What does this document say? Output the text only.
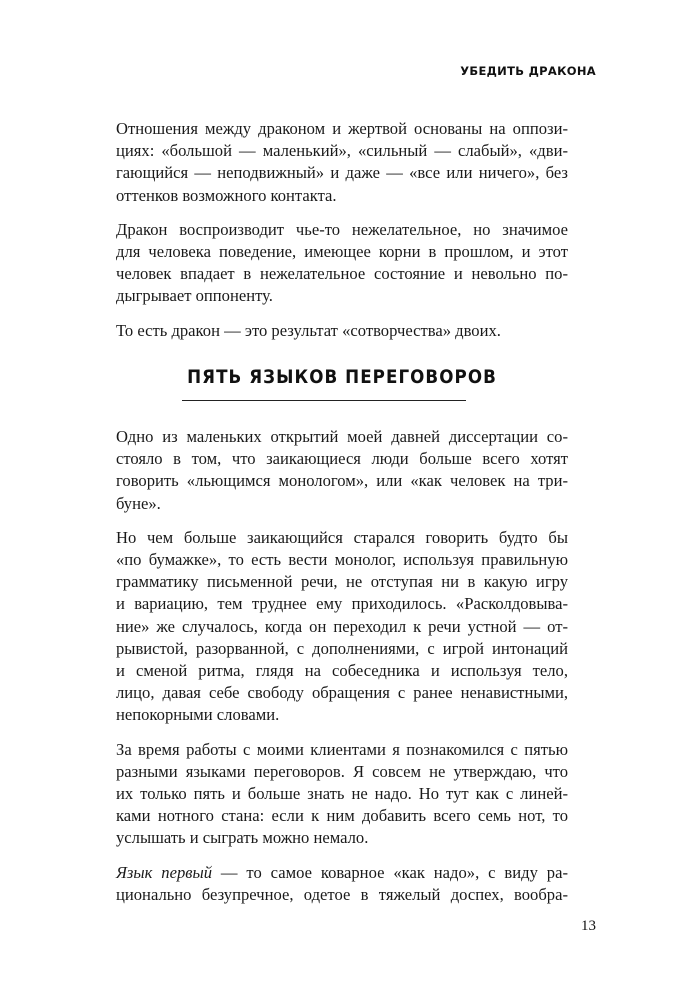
УБЕДИТЬ ДРАКОНА

Отношения между драконом и жертвой основаны на оппози-
циях: «большой — маленький», «сильный — слабый», «дви-
гающийся — неподвижный» и даже — «все или ничего», без
оттенков возможного контакта.

Дракон воспроизводит чье-то нежелательное, но значимое
для человека поведение, имеющее корни в прошлом, и этот
человек впадает в нежелательное состояние и невольно по-
дыгрывает оппоненту.

То есть дракон — это результат «сотворчества» двоих.

ПЯТЬ ЯЗЫКОВ ПЕРЕГОВОРОВ

Одно из маленьких открытий моей давней диссертации со-
стояло в том, что заикающиеся люди больше всего хотят
говорить «льющимся монологом», или «как человек на три-
буне».

Но чем больше заикающийся старался говорить будто бы
«по бумажке», то есть вести монолог, используя правильную
грамматику письменной речи, не отступая ни в какую игру
и вариацию, тем труднее ему приходилось. «Расколдовыва-
ние» же случалось, когда он переходил к речи устной — от-
рывистой, разорванной, с дополнениями, с игрой интонаций
и сменой ритма, глядя на собеседника и используя тело,
лицо, давая себе свободу обращения с ранее ненавистными,
непокорными словами.

За время работы с моими клиентами я познакомился с пятью
разными языками переговоров. Я совсем не утверждаю, что
их только пять и больше знать не надо. Но тут как с линей-
ками нотного стана: если к ним добавить всего семь нот, то
услышать и сыграть можно немало.

Язык первый — то самое коварное «как надо», с виду ра-
ционально безупречное, одетое в тяжелый доспех, вообра-

13
